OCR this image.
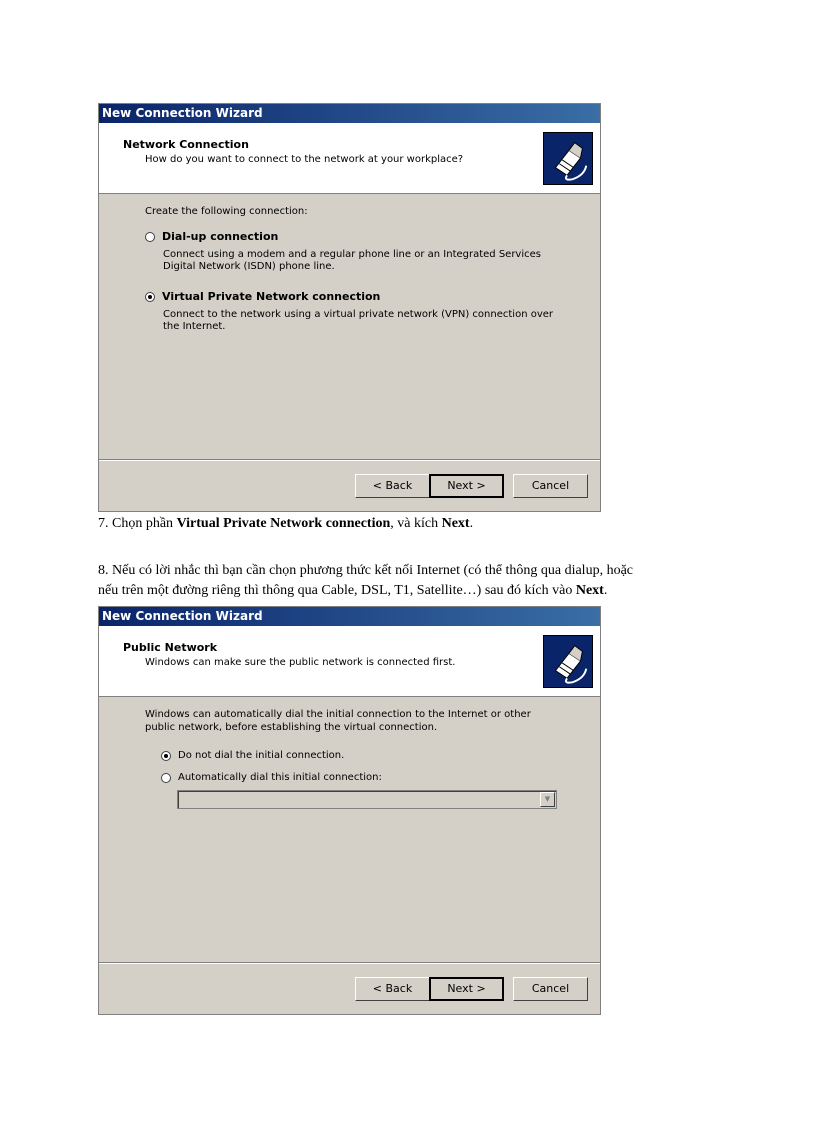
New Connection Wizard
Network Connection
How do you want to connect to the network at your workplace?
Create the following connection:
Dial-up connection
Connect using a modem and a regular phone line or an Integrated Services Digital Network (ISDN) phone line.
Virtual Private Network connection
Connect to the network using a virtual private network (VPN) connection over the Internet.
< Back	Next >	Cancel
7. Chọn phần Virtual Private Network connection, và kích Next.
8. Nếu có lời nhắc thì bạn cần chọn phương thức kết nối Internet (có thể thông qua dialup, hoặc
nếu trên một đường riêng thì thông qua Cable, DSL, T1, Satellite…) sau đó kích vào Next.
New Connection Wizard
Public Network
Windows can make sure the public network is connected first.
Windows can automatically dial the initial connection to the Internet or other public network, before establishing the virtual connection.
Do not dial the initial connection.
Automatically dial this initial connection:
▼
< Back	Next >	Cancel
